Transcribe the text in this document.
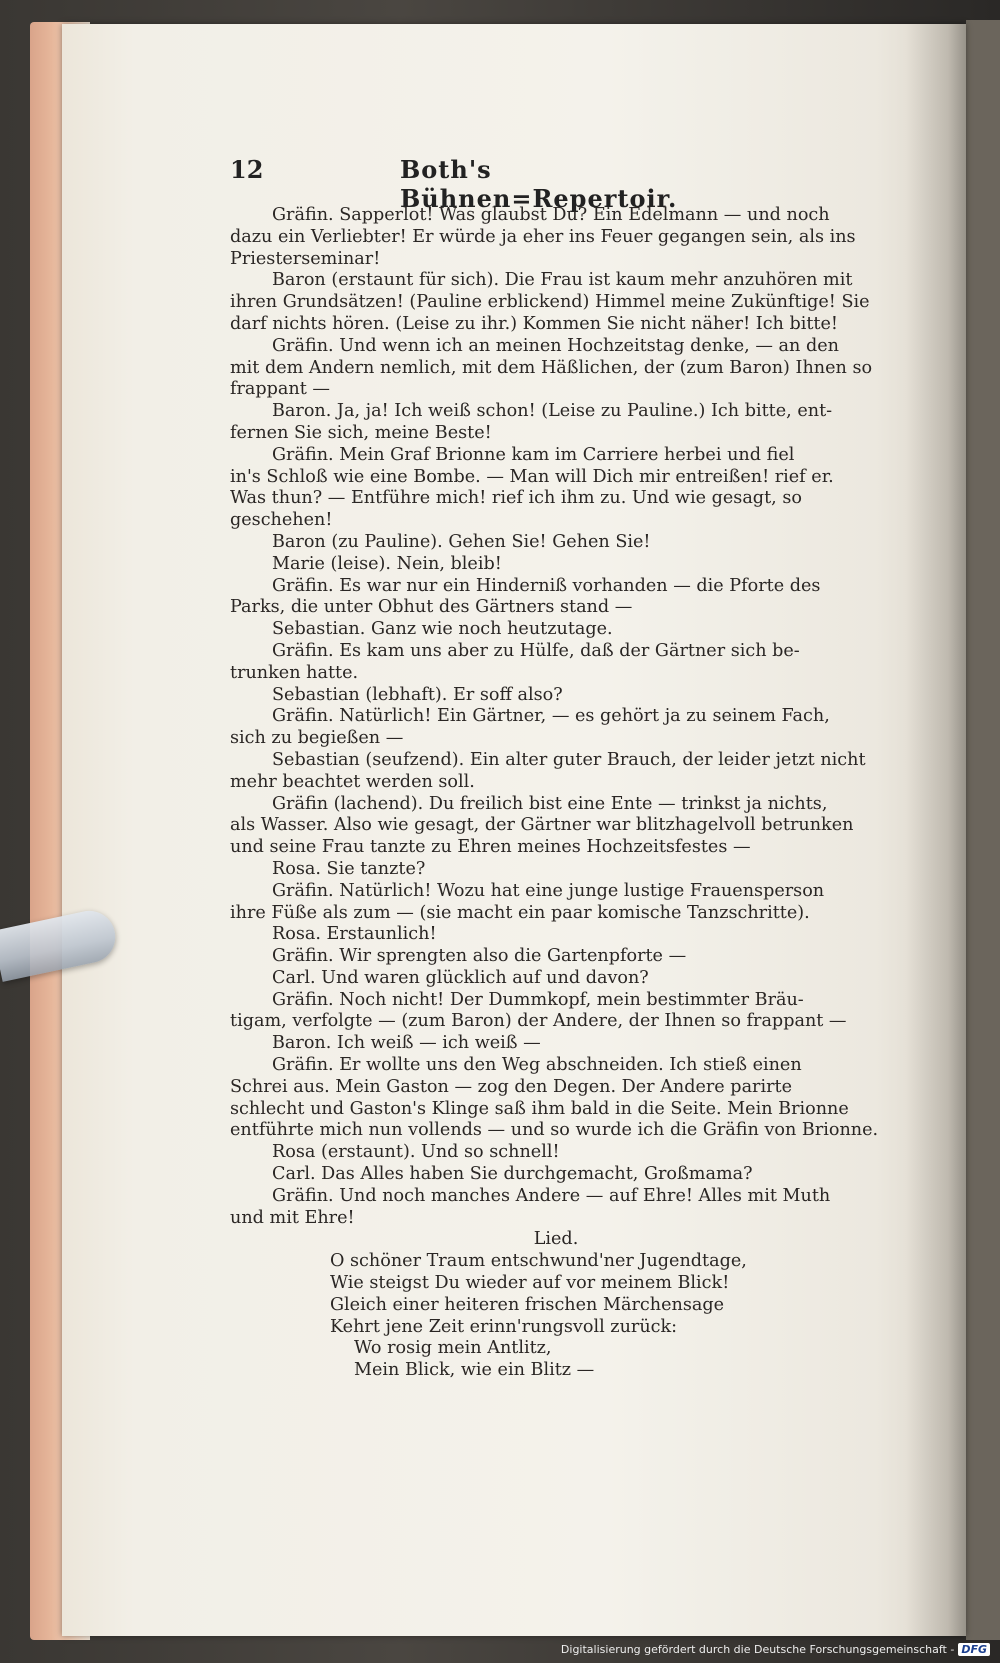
12	Both's Bühnen=Repertoir.
Gräfin. Sapperlot! Was glaubst Du? Ein Edelmann — und noch
dazu ein Verliebter! Er würde ja eher ins Feuer gegangen sein, als ins
Priesterseminar!
Baron (erstaunt für sich). Die Frau ist kaum mehr anzuhören mit
ihren Grundsätzen! (Pauline erblickend) Himmel meine Zukünftige! Sie
darf nichts hören. (Leise zu ihr.) Kommen Sie nicht näher! Ich bitte!
Gräfin. Und wenn ich an meinen Hochzeitstag denke, — an den
mit dem Andern nemlich, mit dem Häßlichen, der (zum Baron) Ihnen so
frappant —
Baron. Ja, ja! Ich weiß schon! (Leise zu Pauline.) Ich bitte, ent-
fernen Sie sich, meine Beste!
Gräfin. Mein Graf Brionne kam im Carriere herbei und fiel
in's Schloß wie eine Bombe. — Man will Dich mir entreißen! rief er.
Was thun? — Entführe mich! rief ich ihm zu. Und wie gesagt, so
geschehen!
Baron (zu Pauline). Gehen Sie! Gehen Sie!
Marie (leise). Nein, bleib!
Gräfin. Es war nur ein Hinderniß vorhanden — die Pforte des
Parks, die unter Obhut des Gärtners stand —
Sebastian. Ganz wie noch heutzutage.
Gräfin. Es kam uns aber zu Hülfe, daß der Gärtner sich be-
trunken hatte.
Sebastian (lebhaft). Er soff also?
Gräfin. Natürlich! Ein Gärtner, — es gehört ja zu seinem Fach,
sich zu begießen —
Sebastian (seufzend). Ein alter guter Brauch, der leider jetzt nicht
mehr beachtet werden soll.
Gräfin (lachend). Du freilich bist eine Ente — trinkst ja nichts,
als Wasser. Also wie gesagt, der Gärtner war blitzhagelvoll betrunken
und seine Frau tanzte zu Ehren meines Hochzeitsfestes —
Rosa. Sie tanzte?
Gräfin. Natürlich! Wozu hat eine junge lustige Frauensperson
ihre Füße als zum — (sie macht ein paar komische Tanzschritte).
Rosa. Erstaunlich!
Gräfin. Wir sprengten also die Gartenpforte —
Carl. Und waren glücklich auf und davon?
Gräfin. Noch nicht! Der Dummkopf, mein bestimmter Bräu-
tigam, verfolgte — (zum Baron) der Andere, der Ihnen so frappant —
Baron. Ich weiß — ich weiß —
Gräfin. Er wollte uns den Weg abschneiden. Ich stieß einen
Schrei aus. Mein Gaston — zog den Degen. Der Andere parirte
schlecht und Gaston's Klinge saß ihm bald in die Seite. Mein Brionne
entführte mich nun vollends — und so wurde ich die Gräfin von Brionne.
Rosa (erstaunt). Und so schnell!
Carl. Das Alles haben Sie durchgemacht, Großmama?
Gräfin. Und noch manches Andere — auf Ehre! Alles mit Muth
und mit Ehre!
Lied.
O schöner Traum entschwund'ner Jugendtage,
Wie steigst Du wieder auf vor meinem Blick!
Gleich einer heiteren frischen Märchensage
Kehrt jene Zeit erinn'rungsvoll zurück:
Wo rosig mein Antlitz,
Mein Blick, wie ein Blitz —
Digitalisierung gefördert durch die Deutsche Forschungsgemeinschaft - DFG
